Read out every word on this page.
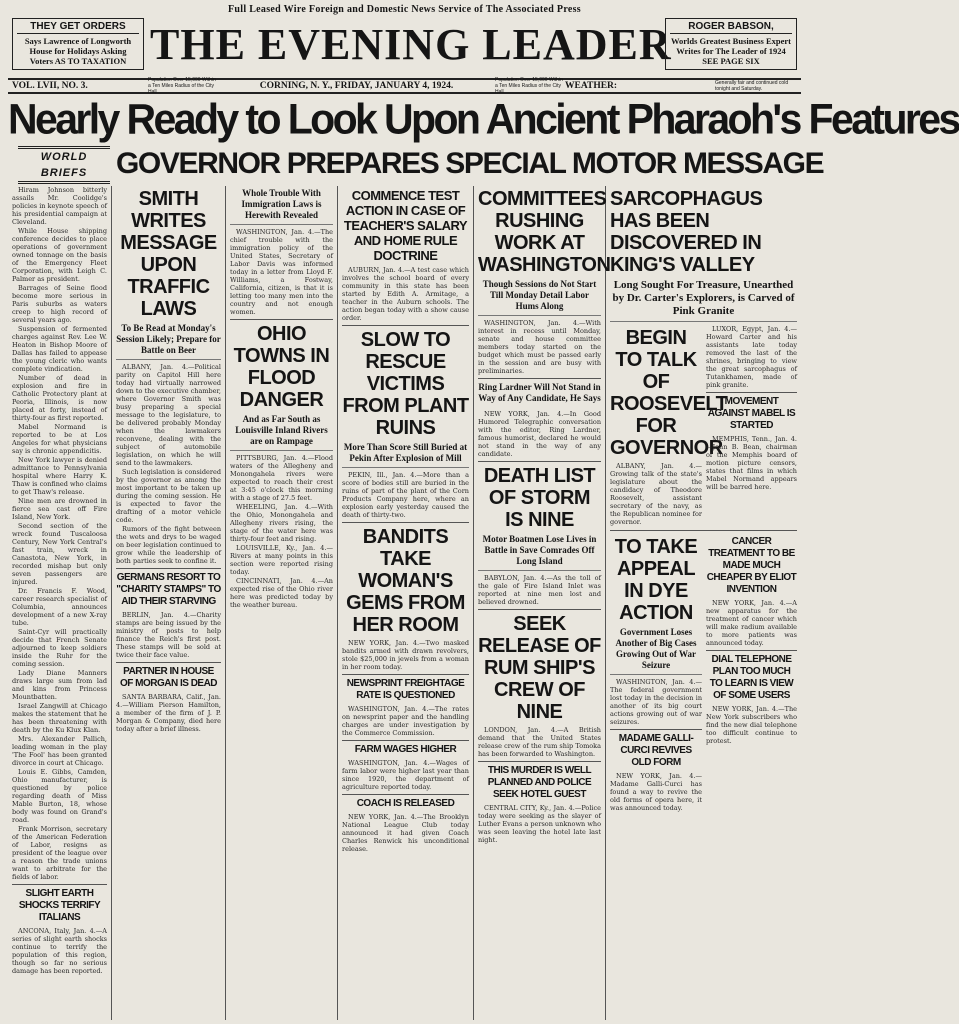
Full Leased Wire Foreign and Domestic News Service of The Associated Press
THEY GET ORDERS
Says Lawrence of Longworth House for Holidays Asking Voters AS TO TAXATION THE EVENING LEADER	ROGER BABSON,
Worlds Greatest Business Expert Writes for The Leader of 1924 SEE PAGE SIX
VOL. LVII, NO. 3.
Population Over 15,000 Within a Ten Miles Radius of the City Hall
CORNING, N. Y., FRIDAY, JANUARY 4, 1924.
Population Over 15,000 Within a Ten Miles Radius of the City Hall
WEATHER:	Generally fair and continued cold tonight and Saturday.
Nearly Ready to Look Upon Ancient Pharaoh's Features
WORLD BRIEFS GOVERNOR PREPARES SPECIAL MOTOR MESSAGE

Hiram Johnson bitterly assails Mr. Coolidge's policies in keynote speech of his presidential campaign at Cleveland.

While House shipping conference decides to place operations of government owned tonnage on the basis of the Emergency Fleet Corporation, with Leigh C. Palmer as president.

Barrages of Seine flood become more serious in Paris suburbs as waters creep to high record of several years ago.

Suspension of fermented charges against Rev. Lee W. Heaton in Bishop Moore of Dallas has failed to appease the young cleric who wants complete vindication.

Number of dead in explosion and fire in Catholic Protectory plant at Peoria, Illinois, is now placed at forty, instead of thirty-four as first reported.

Mabel Normand is reported to be at Los Angeles for what physicians say is chronic appendicitis.

New York lawyer is denied admittance to Pennsylvania hospital where Harry K. Thaw is confined who claims to get Thaw's release.

Nine men are drowned in fierce sea cast off Fire Island, New York.

Second section of the wreck found Tuscaloosa Century, New York Central's fast train, wreck in Canastota, New York, in recorded mishap but only seven passengers are injured.

Dr. Francis F. Wood, career research specialist of Columbia, announces development of a new X-ray tube.

Saint-Cyr will practically decide that French Senate adjourned to keep soldiers inside the Ruhr for the coming session.

Lady Diane Manners draws large sum from lad and kins from Princess Mountbatten.

Israel Zangwill at Chicago makes the statement that he has been threatening with death by the Ku Klux Klan.

Mrs. Alexander Pallich, leading woman in the play 'The Fool' has been granted divorce in court at Chicago.

Louis E. Gibbs, Camden, Ohio manufacturer, is questioned by police regarding death of Miss Mable Burton, 18, whose body was found on Grand's road.

Frank Morrison, secretary of the American Federation of Labor, resigns as president of the league over a reason the trade unions want to arbitrate for the fields of labor.

SLIGHT EARTH SHOCKS TERRIFY ITALIANS

ANCONA, Italy, Jan. 4.—A series of slight earth shocks continue to terrify the population of this region, though so far no serious damage has been reported.

SMITH WRITES MESSAGE UPON TRAFFIC LAWS
To Be Read at Monday's Session Likely; Prepare for Battle on Beer

ALBANY, Jan. 4.—Political parity on Capitol Hill here today had virtually narrowed down to the executive chamber, where Governor Smith was busy preparing a special message to the legislature, to be delivered probably Monday when the lawmakers reconvene, dealing with the subject of automobile legislation, on which he will send to the lawmakers.

Such legislation is considered by the governor as among the most important to be taken up during the coming session. He is expected to favor the drafting of a motor vehicle code.

Rumors of the fight between the wets and drys to be waged on beer legislation continued to grow while the leadership of both parties seek to confine it.

GERMANS RESORT TO "CHARITY STAMPS" TO AID THEIR STARVING

BERLIN, Jan. 4.—Charity stamps are being issued by the ministry of posts to help finance the Reich's first post. These stamps will be sold at twice their face value.

PARTNER IN HOUSE OF MORGAN IS DEAD

SANTA BARBARA, Calif., Jan. 4.—William Pierson Hamilton, a member of the firm of J. P. Morgan & Company, died here today after a brief illness.

Whole Trouble With Immigration Laws is Herewith Revealed

WASHINGTON, Jan. 4.—The chief trouble with the immigration policy of the United States, Secretary of Labor Davis was informed today in a letter from Lloyd F. Williams, a Fostway, California, citizen, is that it is letting too many men into the country and not enough women.

OHIO TOWNS IN FLOOD DANGER
And as Far South as Louisville Inland Rivers are on Rampage

PITTSBURG, Jan. 4.—Flood waters of the Allegheny and Monongahela rivers were expected to reach their crest at 3:45 o'clock this morning with a stage of 27.5 feet.

WHEELING, Jan. 4.—With the Ohio, Monongahela and Allegheny rivers rising, the stage of the water here was thirty-four feet and rising.

LOUISVILLE, Ky., Jan. 4.—Rivers at many points in this section were reported rising today.

CINCINNATI, Jan. 4.—An expected rise of the Ohio river here was predicted today by the weather bureau.

COMMENCE TEST ACTION IN CASE OF TEACHER'S SALARY AND HOME RULE DOCTRINE

AUBURN, Jan. 4.—A test case which involves the school board of every community in this state has been started by Edith A. Armitage, a teacher in the Auburn schools. The action began today with a show cause order.

SLOW TO RESCUE VICTIMS FROM PLANT RUINS
More Than Score Still Buried at Pekin After Explosion of Mill

PEKIN, Ill., Jan. 4.—More than a score of bodies still are buried in the ruins of part of the plant of the Corn Products Company here, where an explosion early yesterday caused the death of thirty-two.

BANDITS TAKE WOMAN'S GEMS FROM HER ROOM

NEW YORK, Jan. 4.—Two masked bandits armed with drawn revolvers, stole $25,000 in jewels from a woman in her room today.

NEWSPRINT FREIGHTAGE RATE IS QUESTIONED

WASHINGTON, Jan. 4.—The rates on newsprint paper and the handling charges are under investigation by the Commerce Commission.

FARM WAGES HIGHER

WASHINGTON, Jan. 4.—Wages of farm labor were higher last year than since 1920, the department of agriculture reported today.

COACH IS RELEASED

NEW YORK, Jan. 4.—The Brooklyn National League Club today announced it had given Coach Charles Renwick his unconditional release.

COMMITTEES RUSHING WORK AT WASHINGTON
Though Sessions do Not Start Till Monday Detail Labor Hums Along

WASHINGTON, Jan. 4.—With interest in recess until Monday, senate and house committee members today started on the budget which must be passed early in the session and are busy with preliminaries.

Ring Lardner Will Not Stand in Way of Any Candidate, He Says

NEW YORK, Jan. 4.—In Good Humored Telegraphic conversation with the editor, Ring Lardner, famous humorist, declared he would not stand in the way of any candidate.

DEATH LIST OF STORM IS NINE
Motor Boatmen Lose Lives in Battle in Save Comrades Off Long Island

BABYLON, Jan. 4.—As the toll of the gale of Fire Island Inlet was reported at nine men lost and believed drowned.

SEEK RELEASE OF RUM SHIP'S CREW OF NINE

LONDON, Jan. 4.—A British demand that the United States release crew of the rum ship Tomoka has been forwarded to Washington.

THIS MURDER IS WELL PLANNED AND POLICE SEEK HOTEL GUEST

CENTRAL CITY, Ky., Jan. 4.—Police today were seeking as the slayer of Luther Evans a person unknown who was seen leaving the hotel late last night.

SARCOPHAGUS HAS BEEN DISCOVERED IN KING'S VALLEY
Long Sought For Treasure, Unearthed by Dr. Carter's Explorers, is Carved of Pink Granite
BEGIN TO TALK OF ROOSEVELT FOR GOVERNOR

ALBANY, Jan. 4.—Growing talk of the state's legislature about the candidacy of Theodore Roosevelt, assistant secretary of the navy, as the Republican nominee for governor.

LUXOR, Egypt, Jan. 4.—Howard Carter and his assistants late today removed the last of the shrines, bringing to view the great sarcophagus of Tutankhamen, made of pink granite.

MOVEMENT AGAINST MABEL IS STARTED

MEMPHIS, Tenn., Jan. 4.—John B. Bean, chairman of the Memphis board of motion picture censors, states that films in which Mabel Normand appears will be barred here.

TO TAKE APPEAL IN DYE ACTION
Government Loses Another of Big Cases Growing Out of War Seizure

WASHINGTON, Jan. 4.—The federal government lost today in the decision in another of its big court actions growing out of war seizures.

MADAME GALLI-CURCI REVIVES OLD FORM

NEW YORK, Jan. 4.—Madame Galli-Curci has found a way to revive the old forms of opera here, it was announced today.

CANCER TREATMENT TO BE MADE MUCH CHEAPER BY ELIOT INVENTION

NEW YORK, Jan. 4.—A new apparatus for the treatment of cancer which will make radium available to more patients was announced today.

DIAL TELEPHONE PLAN TOO MUCH TO LEARN IS VIEW OF SOME USERS

NEW YORK, Jan. 4.—The New York subscribers who find the new dial telephone too difficult continue to protest.
